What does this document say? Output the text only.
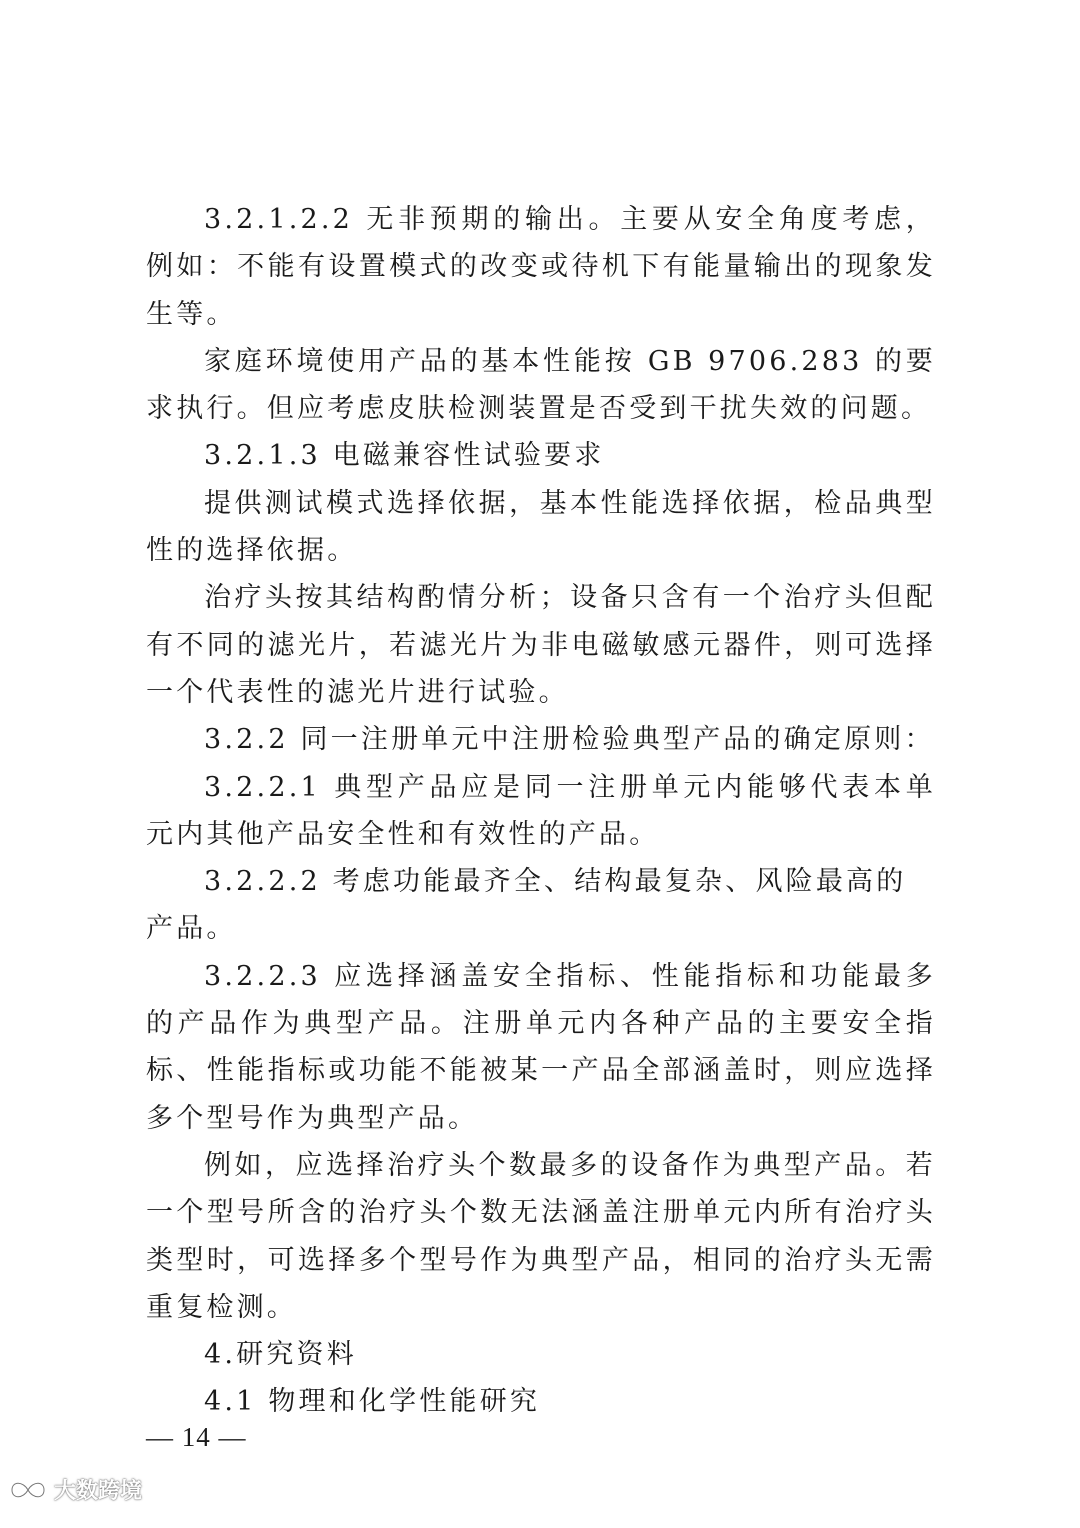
3.2.1.2.2 无非预期的输出。主要从安全角度考虑，例如：不能有设置模式的改变或待机下有能量输出的现象发生等。

家庭环境使用产品的基本性能按 GB 9706.283 的要求执行。但应考虑皮肤检测装置是否受到干扰失效的问题。

3.2.1.3 电磁兼容性试验要求

提供测试模式选择依据，基本性能选择依据，检品典型性的选择依据。

治疗头按其结构酌情分析；设备只含有一个治疗头但配有不同的滤光片，若滤光片为非电磁敏感元器件，则可选择一个代表性的滤光片进行试验。

3.2.2 同一注册单元中注册检验典型产品的确定原则：

3.2.2.1 典型产品应是同一注册单元内能够代表本单元内其他产品安全性和有效性的产品。

3.2.2.2 考虑功能最齐全、结构最复杂、风险最高的产品。

3.2.2.3 应选择涵盖安全指标、性能指标和功能最多的产品作为典型产品。注册单元内各种产品的主要安全指标、性能指标或功能不能被某一产品全部涵盖时，则应选择多个型号作为典型产品。

例如，应选择治疗头个数最多的设备作为典型产品。若一个型号所含的治疗头个数无法涵盖注册单元内所有治疗头类型时，可选择多个型号作为典型产品，相同的治疗头无需重复检测。

4.研究资料

4.1 物理和化学性能研究

— 14 —
大数跨境
